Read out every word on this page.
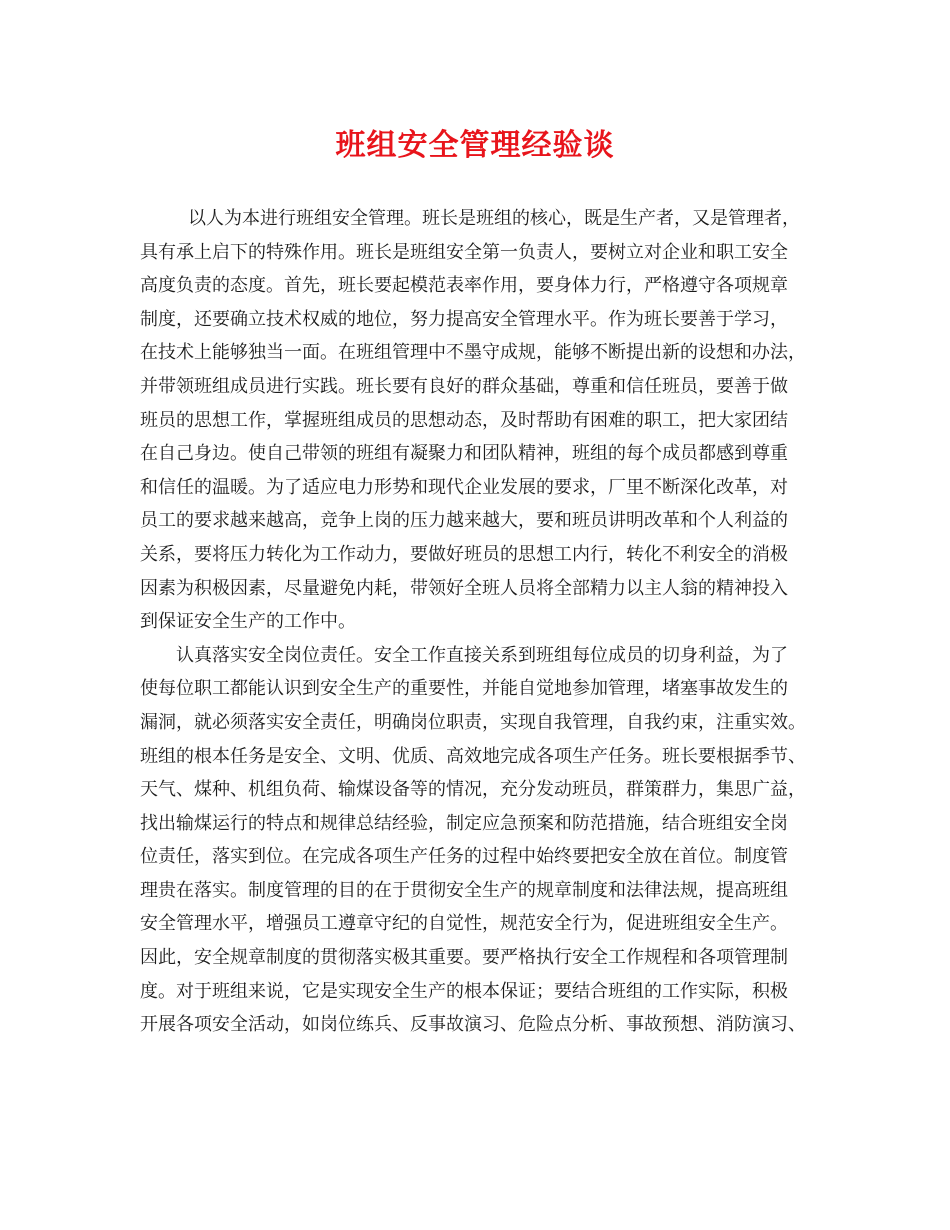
班组安全管理经验谈
以人为本进行班组安全管理。班长是班组的核心，既是生产者，又是管理者，
具有承上启下的特殊作用。班长是班组安全第一负责人，要树立对企业和职工安全
高度负责的态度。首先，班长要起模范表率作用，要身体力行，严格遵守各项规章
制度，还要确立技术权威的地位，努力提高安全管理水平。作为班长要善于学习，
在技术上能够独当一面。在班组管理中不墨守成规，能够不断提出新的设想和办法，
并带领班组成员进行实践。班长要有良好的群众基础，尊重和信任班员，要善于做
班员的思想工作，掌握班组成员的思想动态，及时帮助有困难的职工，把大家团结
在自己身边。使自己带领的班组有凝聚力和团队精神，班组的每个成员都感到尊重
和信任的温暖。为了适应电力形势和现代企业发展的要求，厂里不断深化改革，对
员工的要求越来越高，竞争上岗的压力越来越大，要和班员讲明改革和个人利益的
关系，要将压力转化为工作动力，要做好班员的思想工内行，转化不利安全的消极
因素为积极因素，尽量避免内耗，带领好全班人员将全部精力以主人翁的精神投入
到保证安全生产的工作中。
认真落实安全岗位责任。安全工作直接关系到班组每位成员的切身利益，为了
使每位职工都能认识到安全生产的重要性，并能自觉地参加管理，堵塞事故发生的
漏洞，就必须落实安全责任，明确岗位职责，实现自我管理，自我约束，注重实效。
班组的根本任务是安全、文明、优质、高效地完成各项生产任务。班长要根据季节、
天气、煤种、机组负荷、输煤设备等的情况，充分发动班员，群策群力，集思广益，
找出输煤运行的特点和规律总结经验，制定应急预案和防范措施，结合班组安全岗
位责任，落实到位。在完成各项生产任务的过程中始终要把安全放在首位。制度管
理贵在落实。制度管理的目的在于贯彻安全生产的规章制度和法律法规，提高班组
安全管理水平，增强员工遵章守纪的自觉性，规范安全行为，促进班组安全生产。
因此，安全规章制度的贯彻落实极其重要。要严格执行安全工作规程和各项管理制
度。对于班组来说，它是实现安全生产的根本保证；要结合班组的工作实际，积极
开展各项安全活动，如岗位练兵、反事故演习、危险点分析、事故预想、消防演习、
